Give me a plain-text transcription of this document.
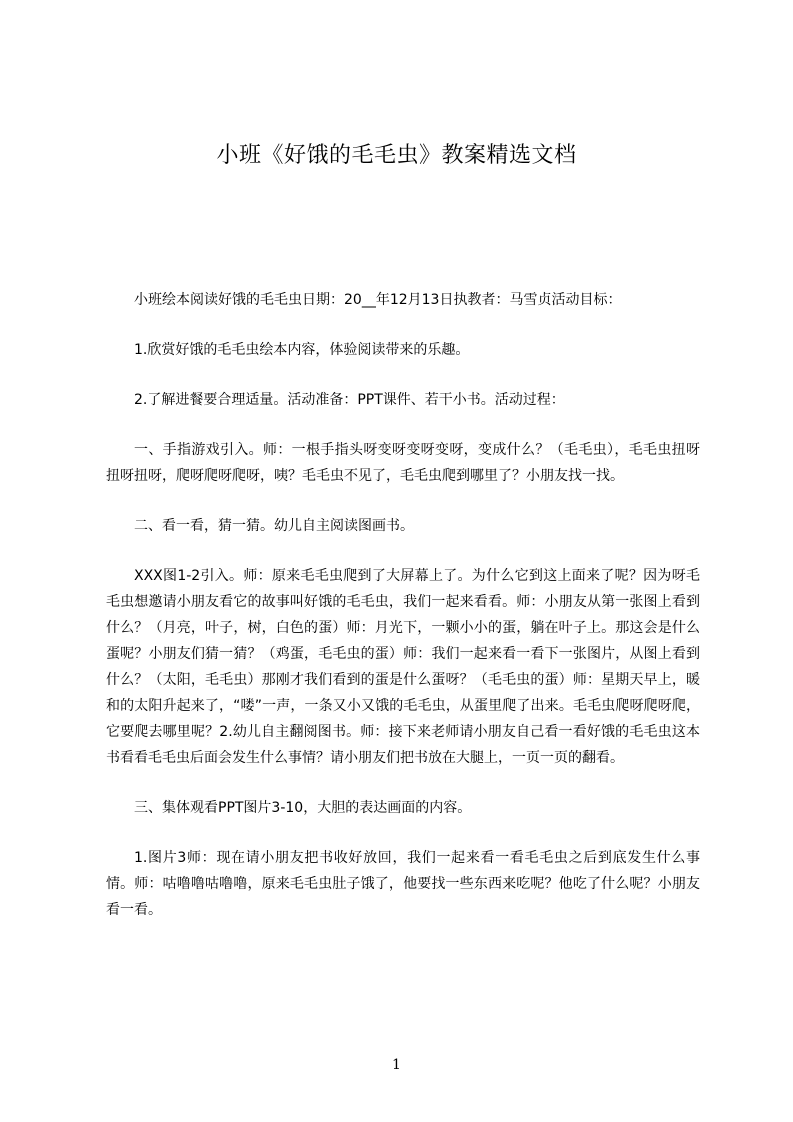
小班《好饿的毛毛虫》教案精选文档

小班绘本阅读好饿的毛毛虫日期：20__年12月13日执教者：马雪贞活动目标：

1.欣赏好饿的毛毛虫绘本内容，体验阅读带来的乐趣。

2.了解进餐要合理适量。活动准备：PPT课件、若干小书。活动过程：

一、手指游戏引入。师：一根手指头呀变呀变呀变呀，变成什么？（毛毛虫），毛毛虫扭呀扭呀扭呀，爬呀爬呀爬呀，咦？毛毛虫不见了，毛毛虫爬到哪里了？小朋友找一找。

二、看一看，猜一猜。幼儿自主阅读图画书。

XXX图1-2引入。师：原来毛毛虫爬到了大屏幕上了。为什么它到这上面来了呢？因为呀毛毛虫想邀请小朋友看它的故事叫好饿的毛毛虫，我们一起来看看。师：小朋友从第一张图上看到什么？（月亮，叶子，树，白色的蛋）师：月光下，一颗小小的蛋，躺在叶子上。那这会是什么蛋呢？小朋友们猜一猜？（鸡蛋，毛毛虫的蛋）师：我们一起来看一看下一张图片，从图上看到什么？（太阳，毛毛虫）那刚才我们看到的蛋是什么蛋呀？（毛毛虫的蛋）师：星期天早上，暖和的太阳升起来了，“喽”一声，一条又小又饿的毛毛虫，从蛋里爬了出来。毛毛虫爬呀爬呀爬，它要爬去哪里呢？2.幼儿自主翻阅图书。师：接下来老师请小朋友自己看一看好饿的毛毛虫这本书看看毛毛虫后面会发生什么事情？请小朋友们把书放在大腿上，一页一页的翻看。

三、集体观看PPT图片3-10，大胆的表达画面的内容。

1.图片3师：现在请小朋友把书收好放回，我们一起来看一看毛毛虫之后到底发生什么事情。师：咕噜噜咕噜噜，原来毛毛虫肚子饿了，他要找一些东西来吃呢？他吃了什么呢？小朋友看一看。

1
